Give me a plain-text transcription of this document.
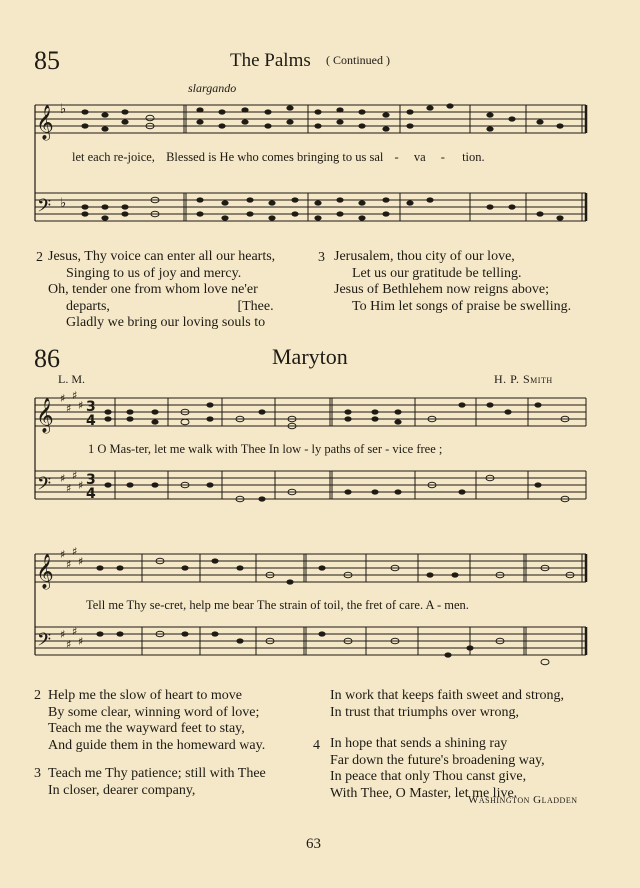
85	The Palms ( Continued )
slargando
𝄞
𝄢
♭
♭
𝄞
𝄢
𝄞
𝄢
♯
♯
♯
♯
♯
♯
♯
♯
♯
♯
♯
♯
♯
♯
♯
♯
3
4
3
4
let each re-joice, Blessed is He who comes bringing to us sal - va - tion.
2 Jesus, Thy voice can enter all our hearts,
Singing to us of joy and mercy.
Oh, tender one from whom love ne'er
departs,	[Thee.
Gladly we bring our loving souls to
3 Jerusalem, thou city of our love,
Let us our gratitude be telling.
Jesus of Bethlehem now reigns above;
To Him let songs of praise be swelling.
86	Maryton
L. M.	H. P. Smith
1 O Mas-ter, let me walk with Thee In low - ly paths of ser - vice free ;
Tell me Thy se-cret, help me bear The strain of toil, the fret of care. A - men.
2 Help me the slow of heart to move
By some clear, winning word of love;
Teach me the wayward feet to stay,
And guide them in the homeward way.
3 Teach me Thy patience; still with Thee
In closer, dearer company,
In work that keeps faith sweet and strong,
In trust that triumphs over wrong,
4 In hope that sends a shining ray
Far down the future's broadening way,
In peace that only Thou canst give,
With Thee, O Master, let me live.
Washington Gladden
63
